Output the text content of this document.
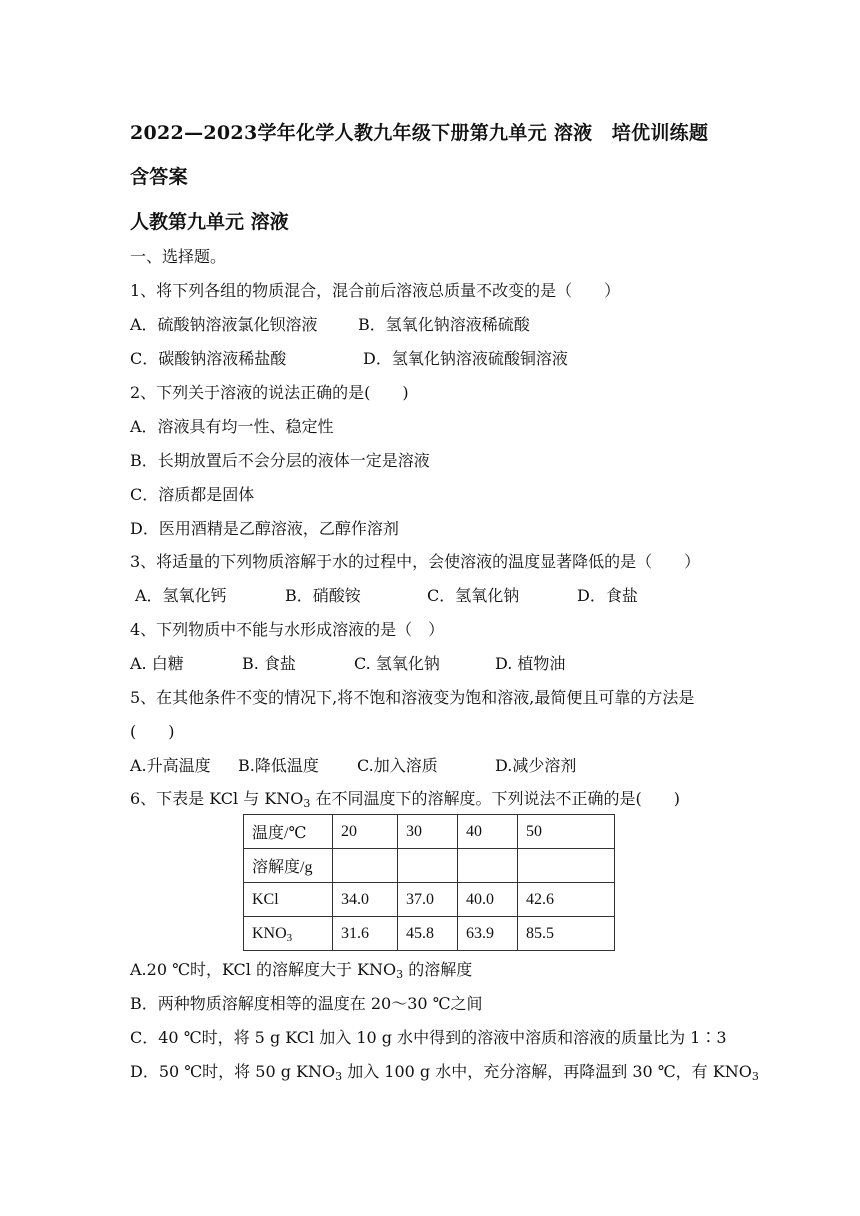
2022—2023学年化学人教九年级下册第九单元 溶液　培优训练题
含答案
人教第九单元 溶液
一、选择题。
1、将下列各组的物质混合，混合前后溶液总质量不改变的是（　　）
A．硫酸钠溶液氯化钡溶液	B．氢氧化钠溶液稀硫酸
C．碳酸钠溶液稀盐酸	D．氢氧化钠溶液硫酸铜溶液
2、下列关于溶液的说法正确的是(　　)
A．溶液具有均一性、稳定性
B．长期放置后不会分层的液体一定是溶液
C．溶质都是固体
D．医用酒精是乙醇溶液，乙醇作溶剂
3、将适量的下列物质溶解于水的过程中，会使溶液的温度显著降低的是（　　）
A．氢氧化钙	B．硝酸铵	C．氢氧化钠	D．食盐
4、下列物质中不能与水形成溶液的是（　）
A. 白糖	B. 食盐	C. 氢氧化钠	D. 植物油
5、在其他条件不变的情况下,将不饱和溶液变为饱和溶液,最简便且可靠的方法是
(　　)
A.升高温度 B.降低温度 C.加入溶质	D.减少溶剂
6、下表是 KCl 与 $KNO_3$ 在不同温度下的溶解度。下列说法不正确的是(　　)
温度/℃	20	30	40	50
溶解度/g				
KCl	34.0	37.0	40.0	42.6
$KNO_3$	31.6	45.8	63.9	85.5
A.20 ℃时，KCl 的溶解度大于 $KNO_3$ 的溶解度
B．两种物质溶解度相等的温度在 20～30 ℃之间
C．40 ℃时，将 5 g KCl 加入 10 g 水中得到的溶液中溶质和溶液的质量比为 1∶3
D．50 ℃时，将 50 g $KNO_3$ 加入 100 g 水中，充分溶解，再降温到 30 ℃，有 $KNO_3$
